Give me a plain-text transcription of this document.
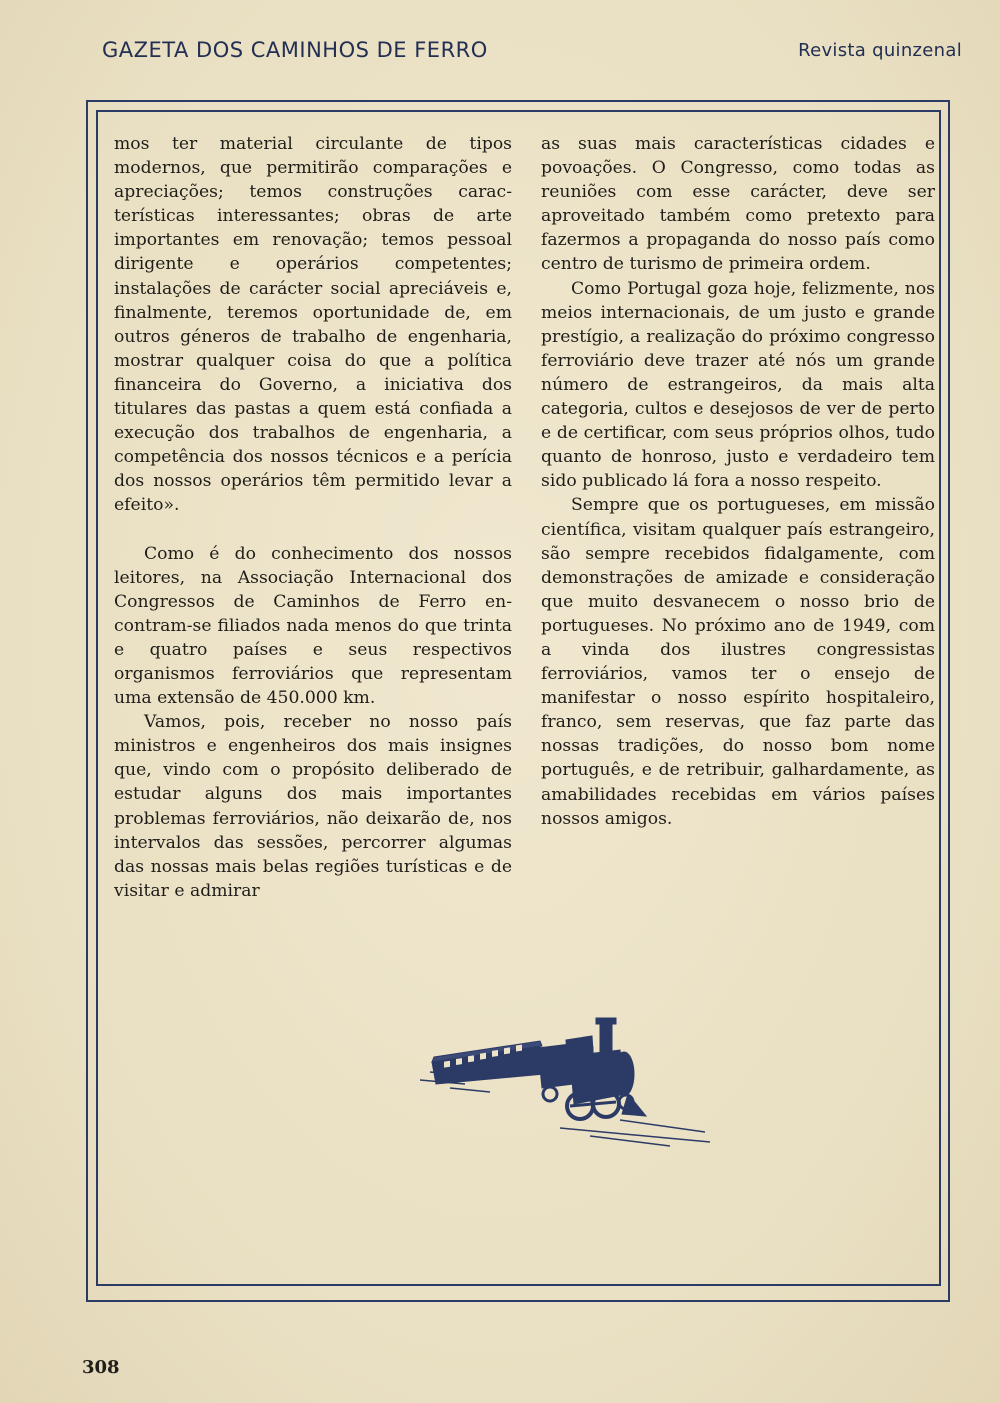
GAZETA DOS CAMINHOS DE FERRO	Revista quinzenal

mos ter material circulante de tipos modernos, que permitirão comparações e apreciações; temos construções características interessantes; obras de arte importantes em renovação; temos pessoal dirigente e operários competentes; instalações de carácter social apreciáveis e, finalmente, teremos oportunidade de, em outros géneros de trabalho de engenharia, mostrar qualquer coisa do que a política financeira do Governo, a iniciativa dos titulares das pastas a quem está confiada a execução dos trabalhos de engenharia, a competência dos nossos técnicos e a perícia dos nossos operários têm permitido levar a efeito».

Como é do conhecimento dos nossos leitores, na Associação Internacional dos Congressos de Caminhos de Ferro encontram-se filiados nada menos do que trinta e quatro países e seus respectivos organismos ferroviários que representam uma extensão de 450.000 km.

Vamos, pois, receber no nosso país ministros e engenheiros dos mais insignes que, vindo com o propósito deliberado de estudar alguns dos mais importantes problemas ferroviários, não deixarão de, nos intervalos das sessões, percorrer algumas das nossas mais belas regiões turísticas e de visitar e admirar

as suas mais características cidades e povoações. O Congresso, como todas as reuniões com esse carácter, deve ser aproveitado também como pretexto para fazermos a propaganda do nosso país como centro de turismo de primeira ordem.

Como Portugal goza hoje, felizmente, nos meios internacionais, de um justo e grande prestígio, a realização do próximo congresso ferroviário deve trazer até nós um grande número de estrangeiros, da mais alta categoria, cultos e desejosos de ver de perto e de certificar, com seus próprios olhos, tudo quanto de honroso, justo e verdadeiro tem sido publicado lá fora a nosso respeito.

Sempre que os portugueses, em missão científica, visitam qualquer país estrangeiro, são sempre recebidos fidalgamente, com demonstrações de amizade e consideração que muito desvanecem o nosso brio de portugueses. No próximo ano de 1949, com a vinda dos ilustres congressistas ferroviários, vamos ter o ensejo de manifestar o nosso espírito hospitaleiro, franco, sem reservas, que faz parte das nossas tradições, do nosso bom nome português, e de retribuir, galhardamente, as amabilidades recebidas em vários países nossos amigos.

308
